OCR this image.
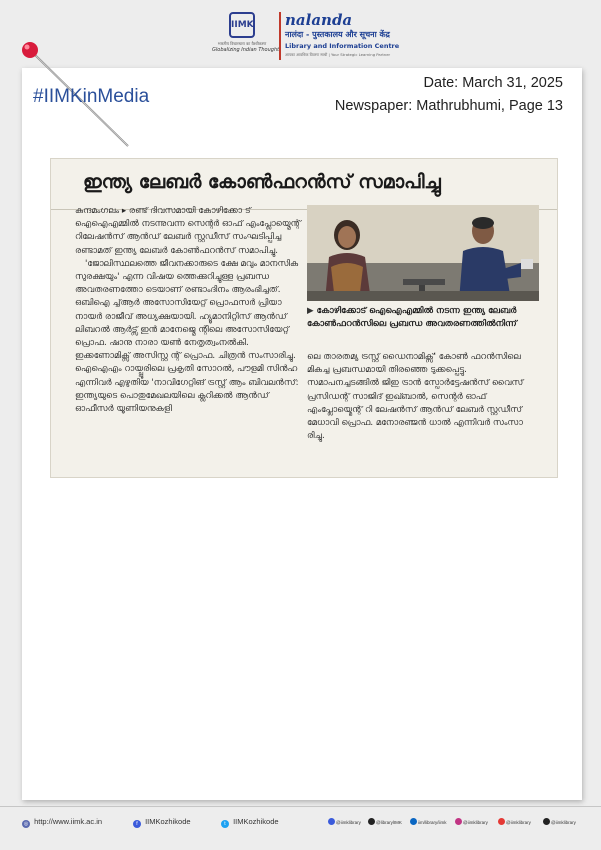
IIMK
भारतीय विचारधारा का वैश्वीकरण
Globalizing Indian Thought
nalanda
नालंदा - पुस्तकालय और सूचना केंद्र
Library and Information Centre
आपका आवधिक विवरण साथी | Your Strategic Learning Partner
#IIMKinMedia
Date: March 31, 2025
Newspaper: Mathrubhumi, Page 13
ഇന്ത്യ ലേബർ കോൺഫറൻസ് സമാപിച്ചു

കുന്ദമംഗലം ▸ രണ്ട് ദിവസമായി കോഴിക്കോ ട് ഐഐഎമ്മിൽ നടന്നുവന്ന സെന്റർ ഓഫ് എംപ്ലോയ്മെന്റ് റിലേഷൻസ് ആൻഡ് ലേബർ സ്റ്റഡീസ് സംഘടിപ്പിച്ച രണ്ടാമത് ഇന്ത്യ ലേബർ കോൺഫറൻസ് സമാപിച്ചു.

'ജോലിസ്ഥലത്തെ ജീവനക്കാരുടെ ക്ഷേ മവും മാനസിക സുരക്ഷയും' എന്ന വിഷയ ത്തെക്കുറിച്ചുള്ള പ്രബന്ധ അവതരണത്തോ ടെയാണ് രണ്ടാംദിനം ആരംഭിച്ചത്. ഒബിഐ ച്ച്ആർ അസോസിയേറ്റ് പ്രൊഫസർ പ്രിയാ നായർ രാജീവ് അധ്യക്ഷയായി. ഹ്യൂമാനിറ്റിസ് ആൻഡ് ലിബറൽ ആർട്സ് ഇൻ മാനേജ്മെ ന്റിലെ അസോസിയേറ്റ് പ്രൊഫ. ഷാനു നാരാ യൺ നേതൃത്വംനൽകി. ഇക്കണോമിക്സ് അസിസ്റ്റ ന്റ് പ്രൊഫ. ചിത്രൻ സംസാരിച്ചു. ഐഐഎം റായ്പ്പൂരിലെ പ്രകൃതി സോറൽ, പൗളമി സിൻഹ എന്നിവർ എഴുതിയ 'നാവിഗേറ്റിങ് ട്രസ്റ്റ് ആം ബിവലൻസ്: ഇന്ത്യയുടെ പൊതുമേഖലയിലെ ക്ലറിക്കൽ ആൻഡ് ഓഫീസർ യൂണിയനുകളി

▶ കോഴിക്കോട് ഐഐഎമ്മിൽ നടന്ന ഇന്ത്യ ലേബർ കോൺഫറൻസിലെ പ്രബന്ധ അവതരണത്തിൽനിന്ന്

ലെ താരതമ്യ ട്രസ്റ്റ് ഡൈനാമിക്സ്' കോൺ ഫറൻസിലെ മികച്ച പ്രബന്ധമായി തിരഞ്ഞെ ടുക്കപ്പെട്ടു. സമാപനച്ചടങ്ങിൽ ജിഇ ട്രാൻ സ്പോർട്ടേഷൻസ് വൈസ് പ്രസിഡന്റ് സാജിദ് ഇഖ്ബാൽ, സെന്റർ ഓഫ് എംപ്ലോയ്മെന്റ് റി ലേഷൻസ് ആൻഡ് ലേബർ സ്റ്റഡീസ് മേധാവി പ്രൊഫ. മനോരഞ്ജൻ ധാൽ എന്നിവർ സംസാ രിച്ചു.

◎ http://www.iimk.ac.in	f IIMKozhikode	t IIMKozhikode	@iimklibrary	@librarylIMK	iim/library/iimk	@iimklibrary	@iimklibrary	@iimklibrary
